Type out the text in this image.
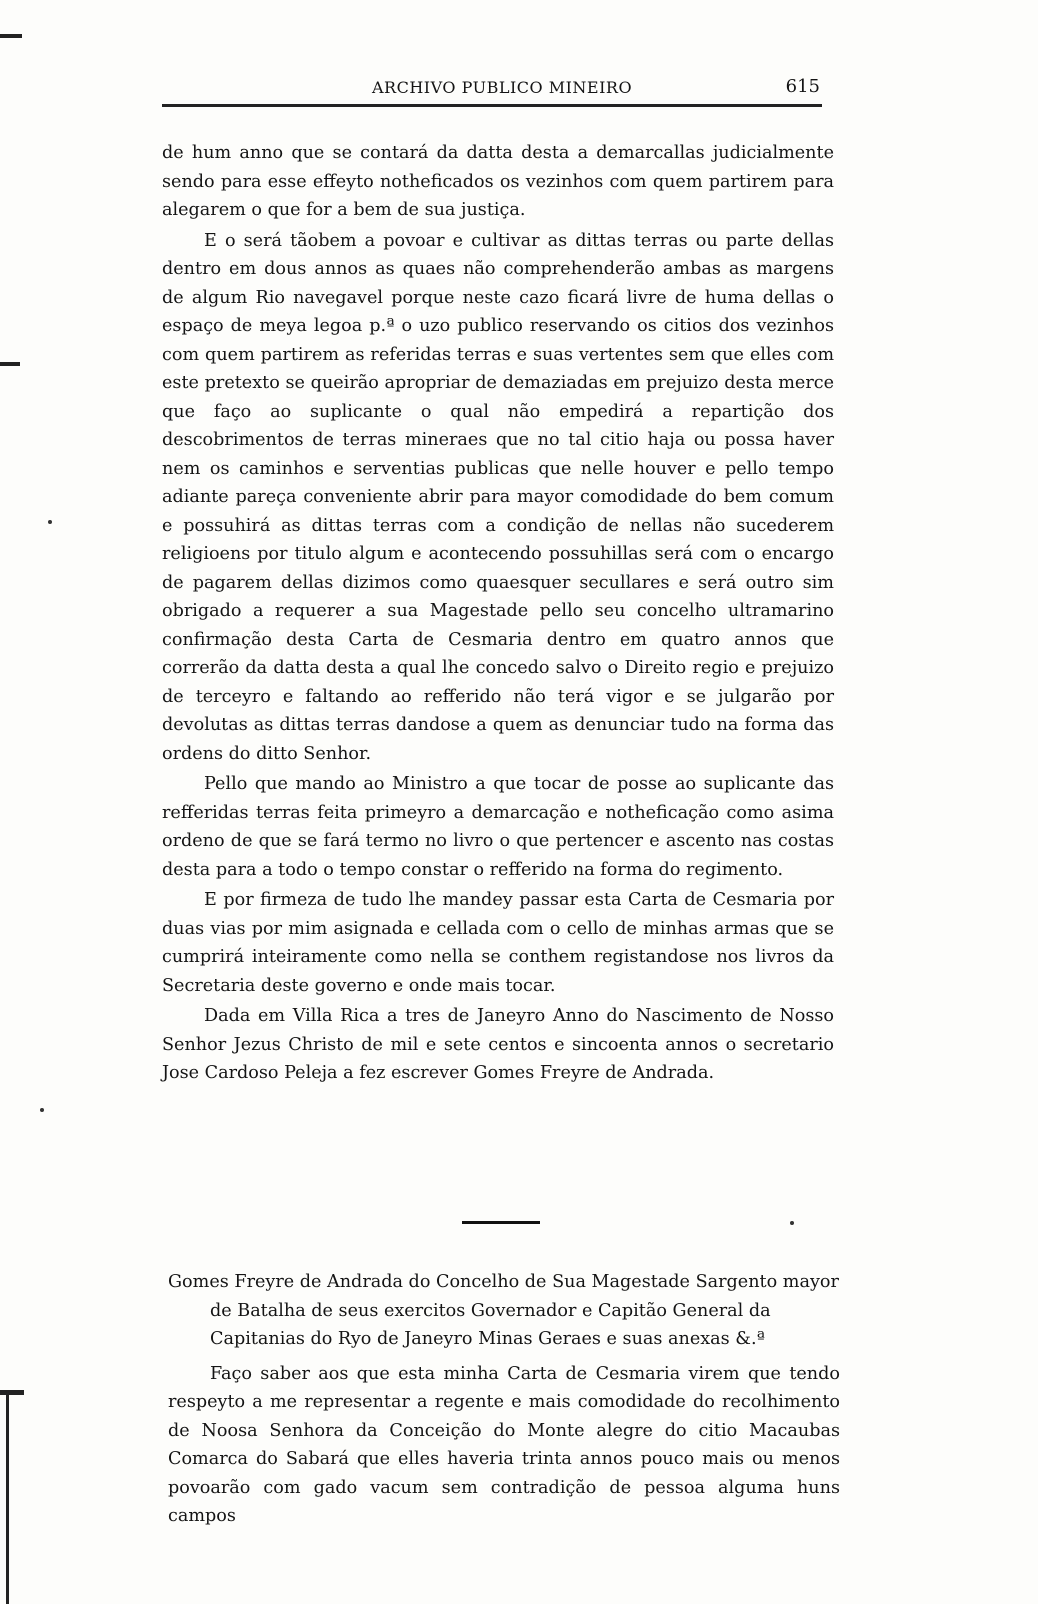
ARCHIVO PUBLICO MINEIRO	615

de hum anno que se contará da datta desta a demarcallas judicialmente sendo para esse effeyto notheficados os vezinhos com quem partirem para alegarem o que for a bem de sua justiça.

E o será tãobem a povoar e cultivar as dittas terras ou parte dellas dentro em dous annos as quaes não comprehenderão ambas as margens de algum Rio navegavel porque neste cazo ficará livre de huma dellas o espaço de meya legoa p.ª o uzo publico reservando os citios dos vezinhos com quem partirem as referidas terras e suas vertentes sem que elles com este pretexto se queirão apropriar de demaziadas em prejuizo desta merce que faço ao suplicante o qual não empedirá a repartição dos descobrimentos de terras mineraes que no tal citio haja ou possa haver nem os caminhos e serventias publicas que nelle houver e pello tempo adiante pareça conveniente abrir para mayor comodidade do bem comum e possuhirá as dittas terras com a condição de nellas não sucederem religioens por titulo algum e acontecendo possuhillas será com o encargo de pagarem dellas dizimos como quaesquer secullares e será outro sim obrigado a requerer a sua Magestade pello seu concelho ultramarino confirmação desta Carta de Cesmaria dentro em quatro annos que correrão da datta desta a qual lhe concedo salvo o Direito regio e prejuizo de terceyro e faltando ao refferido não terá vigor e se julgarão por devolutas as dittas terras dandose a quem as denunciar tudo na forma das ordens do ditto Senhor.

Pello que mando ao Ministro a que tocar de posse ao suplicante das refferidas terras feita primeyro a demarcação e notheficação como asima ordeno de que se fará termo no livro o que pertencer e ascento nas costas desta para a todo o tempo constar o refferido na forma do regimento.

E por firmeza de tudo lhe mandey passar esta Carta de Cesmaria por duas vias por mim asignada e cellada com o cello de minhas armas que se cumprirá inteiramente como nella se conthem registandose nos livros da Secretaria deste governo e onde mais tocar.

Dada em Villa Rica a tres de Janeyro Anno do Nascimento de Nosso Senhor Jezus Christo de mil e sete centos e sincoenta annos o secretario Jose Cardoso Peleja a fez escrever Gomes Freyre de Andrada.

Gomes Freyre de Andrada do Concelho de Sua Magestade Sargento mayor de Batalha de seus exercitos Governador e Capitão General da Capitanias do Ryo de Janeyro Minas Geraes e suas anexas &.ª

Faço saber aos que esta minha Carta de Cesmaria virem que tendo respeyto a me representar a regente e mais comodidade do recolhimento de Noosa Senhora da Conceição do Monte alegre do citio Macaubas Comarca do Sabará que elles haveria trinta annos pouco mais ou menos povoarão com gado vacum sem contradição de pessoa alguma huns campos
